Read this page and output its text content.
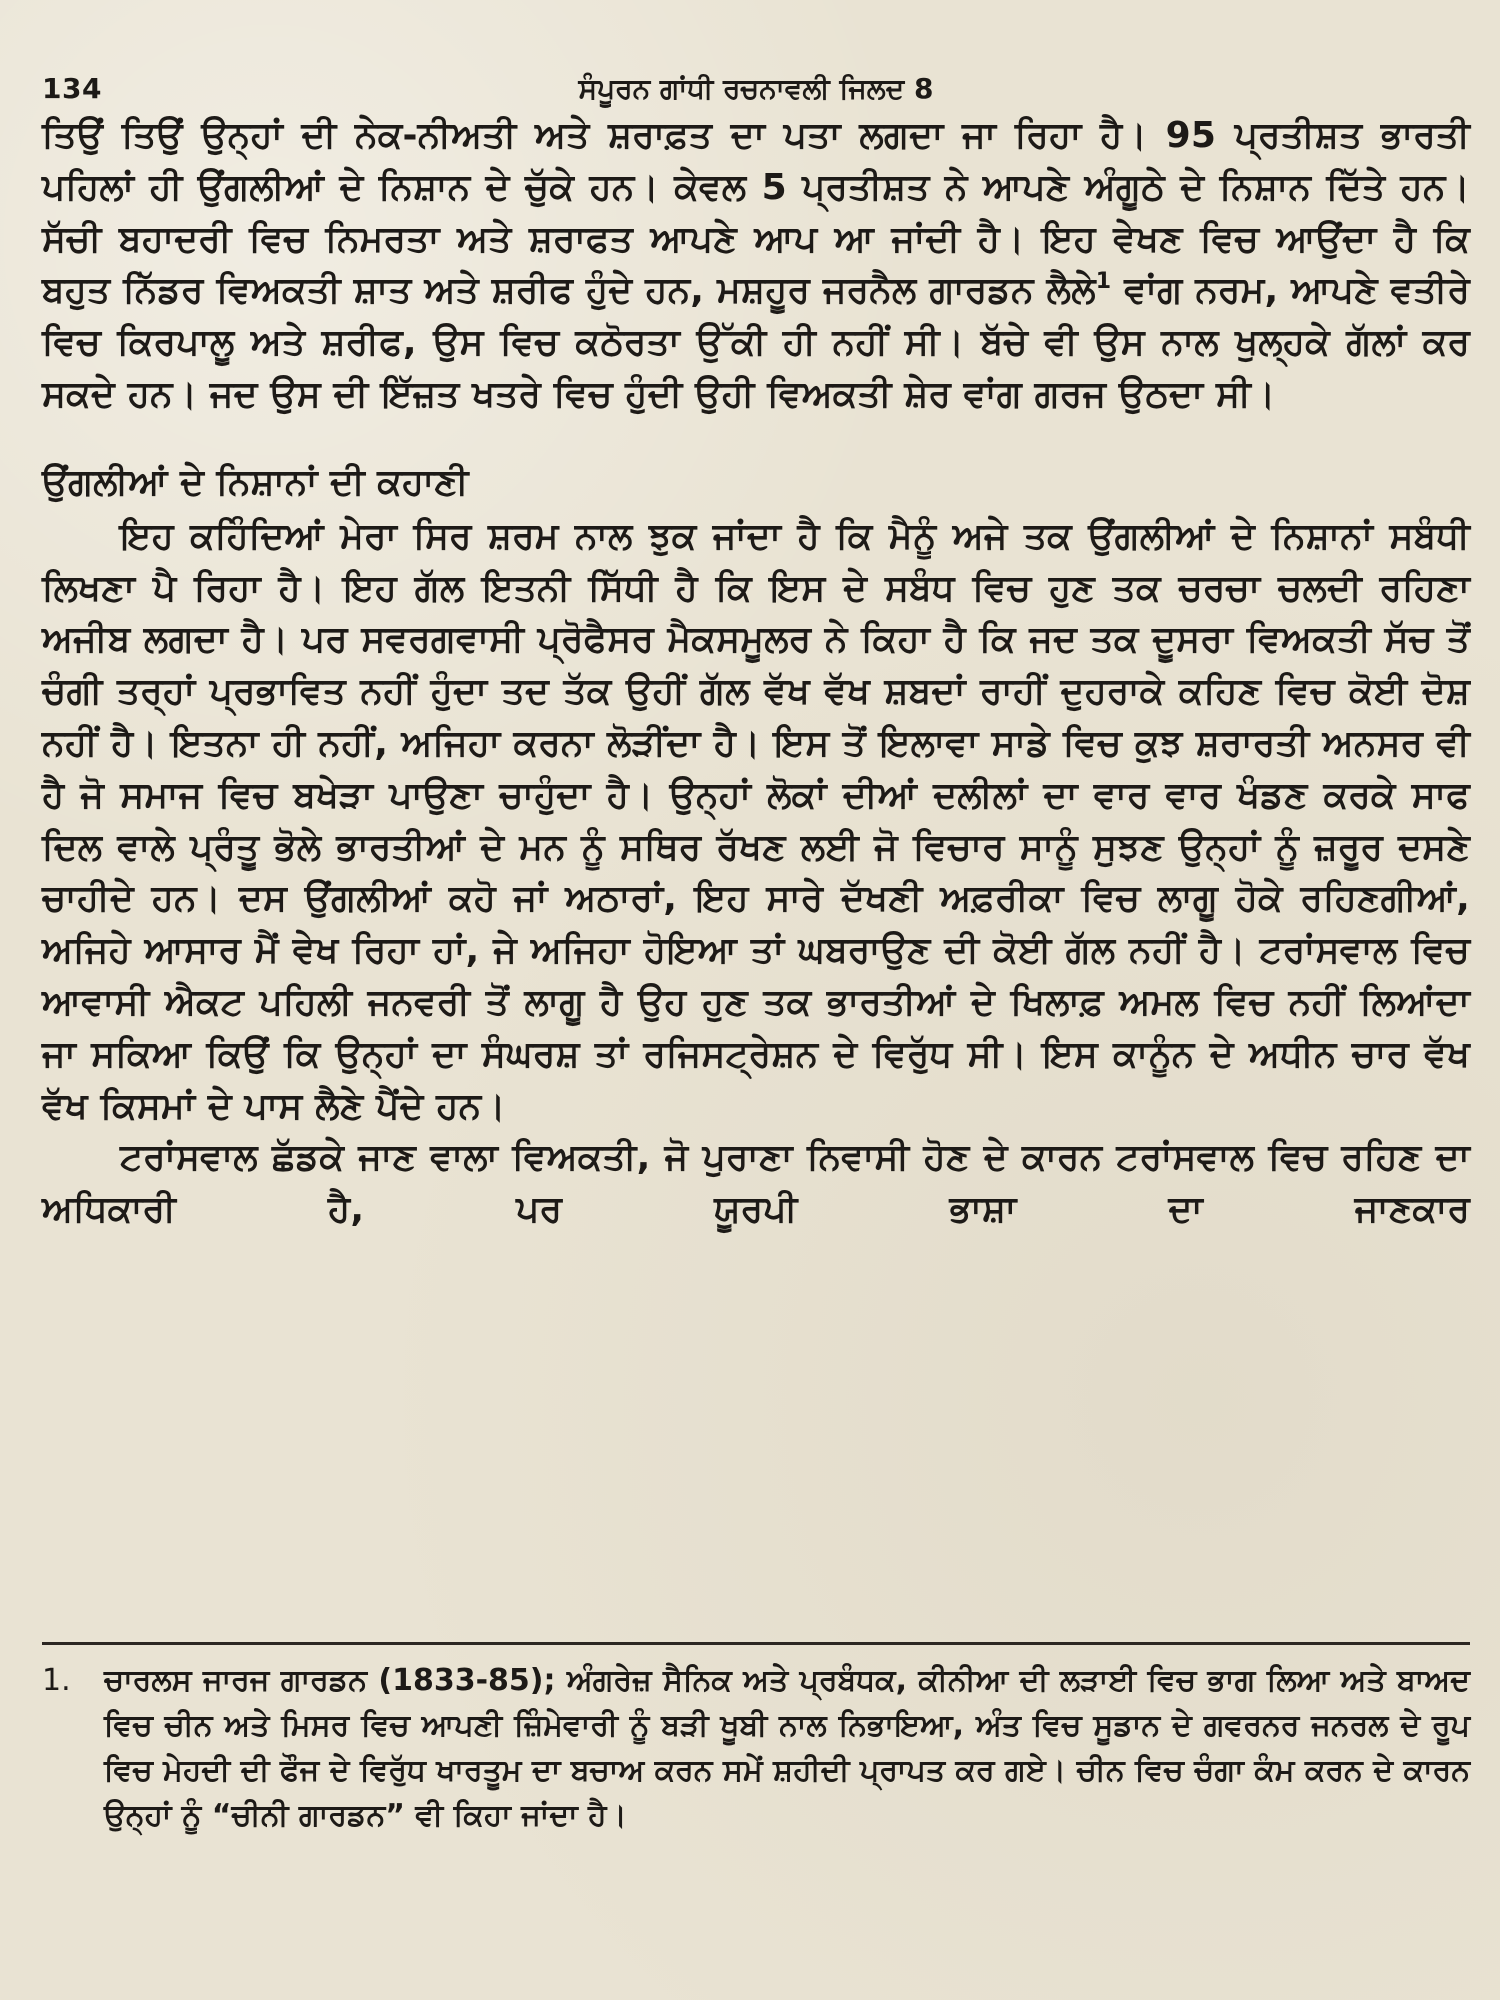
134	ਸੰਪੂਰਨ ਗਾਂਧੀ ਰਚਨਾਵਲੀ ਜਿਲਦ 8

ਤਿਉਂ ਤਿਉਂ ਉਨ੍ਹਾਂ ਦੀ ਨੇਕ-ਨੀਅਤੀ ਅਤੇ ਸ਼ਰਾਫ਼ਤ ਦਾ ਪਤਾ ਲਗਦਾ ਜਾ ਰਿਹਾ ਹੈ। 95 ਪ੍ਰਤੀਸ਼ਤ ਭਾਰਤੀ ਪਹਿਲਾਂ ਹੀ ਉਂਗਲੀਆਂ ਦੇ ਨਿਸ਼ਾਨ ਦੇ ਚੁੱਕੇ ਹਨ। ਕੇਵਲ 5 ਪ੍ਰਤੀਸ਼ਤ ਨੇ ਆਪਣੇ ਅੰਗੂਠੇ ਦੇ ਨਿਸ਼ਾਨ ਦਿੱਤੇ ਹਨ। ਸੱਚੀ ਬਹਾਦਰੀ ਵਿਚ ਨਿਮਰਤਾ ਅਤੇ ਸ਼ਰਾਫਤ ਆਪਣੇ ਆਪ ਆ ਜਾਂਦੀ ਹੈ। ਇਹ ਵੇਖਣ ਵਿਚ ਆਉਂਦਾ ਹੈ ਕਿ ਬਹੁਤ ਨਿੱਡਰ ਵਿਅਕਤੀ ਸ਼ਾਤ ਅਤੇ ਸ਼ਰੀਫ ਹੁੰਦੇ ਹਨ, ਮਸ਼ਹੂਰ ਜਰਨੈਲ ਗਾਰਡਨ ਲੈਲੇ$^1$ ਵਾਂਗ ਨਰਮ, ਆਪਣੇ ਵਤੀਰੇ ਵਿਚ ਕਿਰਪਾਲੂ ਅਤੇ ਸ਼ਰੀਫ, ਉਸ ਵਿਚ ਕਠੋਰਤਾ ਉੱਕੀ ਹੀ ਨਹੀਂ ਸੀ। ਬੱਚੇ ਵੀ ਉਸ ਨਾਲ ਖੁਲ੍ਹਕੇ ਗੱਲਾਂ ਕਰ ਸਕਦੇ ਹਨ। ਜਦ ਉਸ ਦੀ ਇੱਜ਼ਤ ਖਤਰੇ ਵਿਚ ਹੁੰਦੀ ਉਹੀ ਵਿਅਕਤੀ ਸ਼ੇਰ ਵਾਂਗ ਗਰਜ ਉਠਦਾ ਸੀ।

ਉਂਗਲੀਆਂ ਦੇ ਨਿਸ਼ਾਨਾਂ ਦੀ ਕਹਾਣੀ

ਇਹ ਕਹਿੰਦਿਆਂ ਮੇਰਾ ਸਿਰ ਸ਼ਰਮ ਨਾਲ ਝੁਕ ਜਾਂਦਾ ਹੈ ਕਿ ਮੈਨੂੰ ਅਜੇ ਤਕ ਉਂਗਲੀਆਂ ਦੇ ਨਿਸ਼ਾਨਾਂ ਸਬੰਧੀ ਲਿਖਣਾ ਪੈ ਰਿਹਾ ਹੈ। ਇਹ ਗੱਲ ਇਤਨੀ ਸਿੱਧੀ ਹੈ ਕਿ ਇਸ ਦੇ ਸਬੰਧ ਵਿਚ ਹੁਣ ਤਕ ਚਰਚਾ ਚਲਦੀ ਰਹਿਣਾ ਅਜੀਬ ਲਗਦਾ ਹੈ। ਪਰ ਸਵਰਗਵਾਸੀ ਪ੍ਰੋਫੈਸਰ ਮੈਕਸਮੂਲਰ ਨੇ ਕਿਹਾ ਹੈ ਕਿ ਜਦ ਤਕ ਦੂਸਰਾ ਵਿਅਕਤੀ ਸੱਚ ਤੋਂ ਚੰਗੀ ਤਰ੍ਹਾਂ ਪ੍ਰਭਾਵਿਤ ਨਹੀਂ ਹੁੰਦਾ ਤਦ ਤੱਕ ਉਹੀਂ ਗੱਲ ਵੱਖ ਵੱਖ ਸ਼ਬਦਾਂ ਰਾਹੀਂ ਦੁਹਰਾਕੇ ਕਹਿਣ ਵਿਚ ਕੋਈ ਦੋਸ਼ ਨਹੀਂ ਹੈ। ਇਤਨਾ ਹੀ ਨਹੀਂ, ਅਜਿਹਾ ਕਰਨਾ ਲੋੜੀਂਦਾ ਹੈ। ਇਸ ਤੋਂ ਇਲਾਵਾ ਸਾਡੇ ਵਿਚ ਕੁਝ ਸ਼ਰਾਰਤੀ ਅਨਸਰ ਵੀ ਹੈ ਜੋ ਸਮਾਜ ਵਿਚ ਬਖੇੜਾ ਪਾਉਣਾ ਚਾਹੁੰਦਾ ਹੈ। ਉਨ੍ਹਾਂ ਲੋਕਾਂ ਦੀਆਂ ਦਲੀਲਾਂ ਦਾ ਵਾਰ ਵਾਰ ਖੰਡਣ ਕਰਕੇ ਸਾਫ ਦਿਲ ਵਾਲੇ ਪ੍ਰੰਤੂ ਭੋਲੇ ਭਾਰਤੀਆਂ ਦੇ ਮਨ ਨੂੰ ਸਥਿਰ ਰੱਖਣ ਲਈ ਜੋ ਵਿਚਾਰ ਸਾਨੂੰ ਸੁਝਣ ਉਨ੍ਹਾਂ ਨੂੰ ਜ਼ਰੂਰ ਦਸਣੇ ਚਾਹੀਦੇ ਹਨ। ਦਸ ਉਂਗਲੀਆਂ ਕਹੋ ਜਾਂ ਅਠਾਰਾਂ, ਇਹ ਸਾਰੇ ਦੱਖਣੀ ਅਫ਼ਰੀਕਾ ਵਿਚ ਲਾਗੂ ਹੋਕੇ ਰਹਿਣਗੀਆਂ, ਅਜਿਹੇ ਆਸਾਰ ਮੈਂ ਵੇਖ ਰਿਹਾ ਹਾਂ, ਜੇ ਅਜਿਹਾ ਹੋਇਆ ਤਾਂ ਘਬਰਾਉਣ ਦੀ ਕੋਈ ਗੱਲ ਨਹੀਂ ਹੈ। ਟਰਾਂਸਵਾਲ ਵਿਚ ਆਵਾਸੀ ਐਕਟ ਪਹਿਲੀ ਜਨਵਰੀ ਤੋਂ ਲਾਗੂ ਹੈ ਉਹ ਹੁਣ ਤਕ ਭਾਰਤੀਆਂ ਦੇ ਖਿਲਾਫ਼ ਅਮਲ ਵਿਚ ਨਹੀਂ ਲਿਆਂਦਾ ਜਾ ਸਕਿਆ ਕਿਉਂ ਕਿ ਉਨ੍ਹਾਂ ਦਾ ਸੰਘਰਸ਼ ਤਾਂ ਰਜਿਸਟ੍ਰੇਸ਼ਨ ਦੇ ਵਿਰੁੱਧ ਸੀ। ਇਸ ਕਾਨੂੰਨ ਦੇ ਅਧੀਨ ਚਾਰ ਵੱਖ ਵੱਖ ਕਿਸਮਾਂ ਦੇ ਪਾਸ ਲੈਣੇ ਪੈਂਦੇ ਹਨ।

ਟਰਾਂਸਵਾਲ ਛੱਡਕੇ ਜਾਣ ਵਾਲਾ ਵਿਅਕਤੀ, ਜੋ ਪੁਰਾਣਾ ਨਿਵਾਸੀ ਹੋਣ ਦੇ ਕਾਰਨ ਟਰਾਂਸਵਾਲ ਵਿਚ ਰਹਿਣ ਦਾ ਅਧਿਕਾਰੀ ਹੈ, ਪਰ ਯੂਰਪੀ ਭਾਸ਼ਾ ਦਾ ਜਾਣਕਾਰ

1. ਚਾਰਲਸ ਜਾਰਜ ਗਾਰਡਨ (1833-85); ਅੰਗਰੇਜ਼ ਸੈਨਿਕ ਅਤੇ ਪ੍ਰਬੰਧਕ, ਕੀਨੀਆ ਦੀ ਲੜਾਈ ਵਿਚ ਭਾਗ ਲਿਆ ਅਤੇ ਬਾਅਦ ਵਿਚ ਚੀਨ ਅਤੇ ਮਿਸਰ ਵਿਚ ਆਪਣੀ ਜ਼ਿੰਮੇਵਾਰੀ ਨੂੰ ਬੜੀ ਖੂਬੀ ਨਾਲ ਨਿਭਾਇਆ, ਅੰਤ ਵਿਚ ਸੂਡਾਨ ਦੇ ਗਵਰਨਰ ਜਨਰਲ ਦੇ ਰੂਪ ਵਿਚ ਮੇਹਦੀ ਦੀ ਫੌਜ ਦੇ ਵਿਰੁੱਧ ਖਾਰਤੂਮ ਦਾ ਬਚਾਅ ਕਰਨ ਸਮੇਂ ਸ਼ਹੀਦੀ ਪ੍ਰਾਪਤ ਕਰ ਗਏ। ਚੀਨ ਵਿਚ ਚੰਗਾ ਕੰਮ ਕਰਨ ਦੇ ਕਾਰਨ ਉਨ੍ਹਾਂ ਨੂੰ “ਚੀਨੀ ਗਾਰਡਨ” ਵੀ ਕਿਹਾ ਜਾਂਦਾ ਹੈ।
